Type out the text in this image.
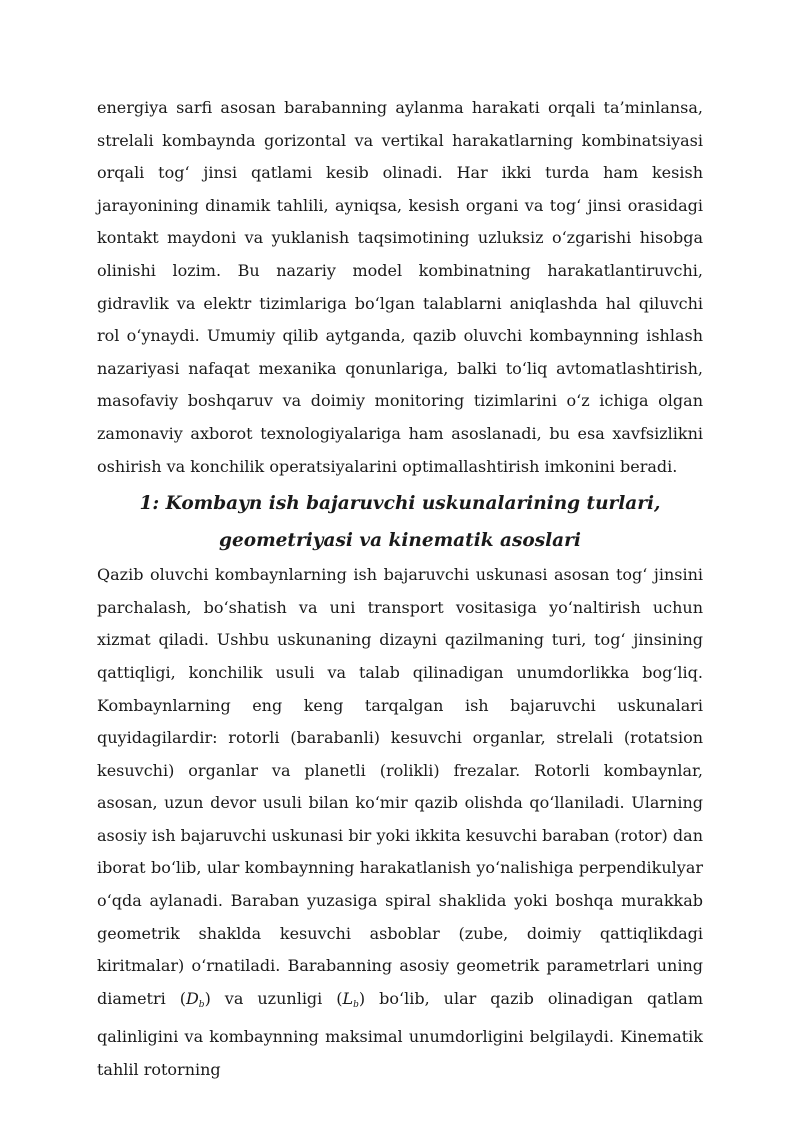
energiya sarfi asosan barabanning aylanma harakati orqali ta’minlansa, strelali kombaynda gorizontal va vertikal harakatlarning kombinatsiyasi orqali tog‘ jinsi qatlami kesib olinadi. Har ikki turda ham kesish jarayonining dinamik tahlili, ayniqsa, kesish organi va tog‘ jinsi orasidagi kontakt maydoni va yuklanish taqsimotining uzluksiz o‘zgarishi hisobga olinishi lozim. Bu nazariy model kombinatning harakatlantiruvchi, gidravlik va elektr tizimlariga bo‘lgan talablarni aniqlashda hal qiluvchi rol o‘ynaydi. Umumiy qilib aytganda, qazib oluvchi kombaynning ishlash nazariyasi nafaqat mexanika qonunlariga, balki to‘liq avtomatlashtirish, masofaviy boshqaruv va doimiy monitoring tizimlarini o‘z ichiga olgan zamonaviy axborot texnologiyalariga ham asoslanadi, bu esa xavfsizlikni oshirish va konchilik operatsiyalarini optimallashtirish imkonini beradi.

1: Kombayn ish bajaruvchi uskunalarining turlari, geometriyasi va kinematik asoslari

Qazib oluvchi kombaynlarning ish bajaruvchi uskunasi asosan tog‘ jinsini parchalash, bo‘shatish va uni transport vositasiga yo‘naltirish uchun xizmat qiladi. Ushbu uskunaning dizayni qazilmaning turi, tog‘ jinsining qattiqligi, konchilik usuli va talab qilinadigan unumdorlikka bog‘liq. Kombaynlarning eng keng tarqalgan ish bajaruvchi uskunalari quyidagilardir: rotorli (barabanli) kesuvchi organlar, strelali (rotatsion kesuvchi) organlar va planetli (rolikli) frezalar. Rotorli kombaynlar, asosan, uzun devor usuli bilan ko‘mir qazib olishda qo‘llaniladi. Ularning asosiy ish bajaruvchi uskunasi bir yoki ikkita kesuvchi baraban (rotor) dan iborat bo‘lib, ular kombaynning harakatlanish yo‘nalishiga perpendikulyar o‘qda aylanadi. Baraban yuzasiga spiral shaklida yoki boshqa murakkab geometrik shaklda kesuvchi asboblar (zube, doimiy qattiqlikdagi kiritmalar) o‘rnatiladi. Barabanning asosiy geometrik parametrlari uning diametri $(D_b)$ va uzunligi $(L_b)$ bo‘lib, ular qazib olinadigan qatlam qalinligini va kombaynning maksimal unumdorligini belgilaydi. Kinematik tahlil rotorning
